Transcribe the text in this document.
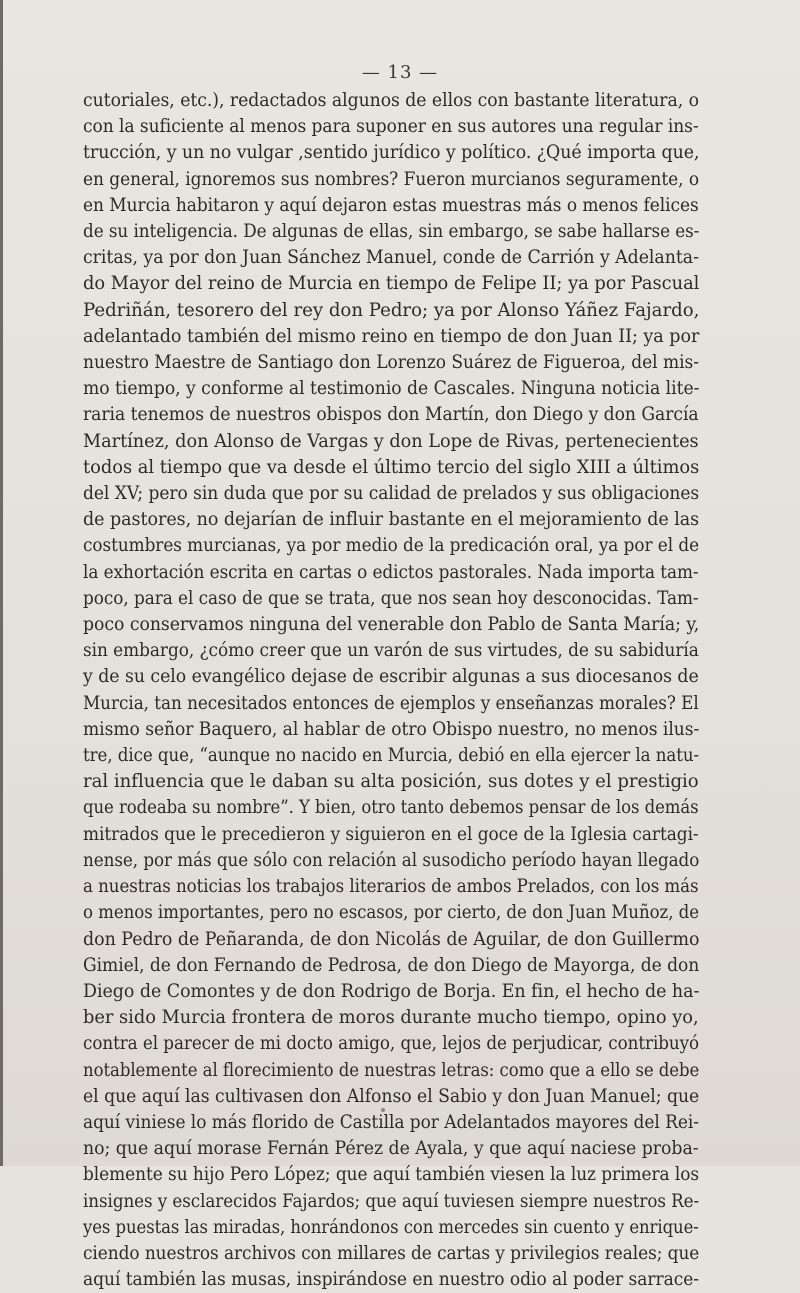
— 13 —
cutoriales, etc.), redactados algunos de ellos con bastante literatura, o
con la suficiente al menos para suponer en sus autores una regular ins-
trucción, y un no vulgar ,sentido jurídico y político. ¿Qué importa que,
en general, ignoremos sus nombres? Fueron murcianos seguramente, o
en Murcia habitaron y aquí dejaron estas muestras más o menos felices
de su inteligencia. De algunas de ellas, sin embargo, se sabe hallarse es-
critas, ya por don Juan Sánchez Manuel, conde de Carrión y Adelanta-
do Mayor del reino de Murcia en tiempo de Felipe II; ya por Pascual
Pedriñán, tesorero del rey don Pedro; ya por Alonso Yáñez Fajardo,
adelantado también del mismo reino en tiempo de don Juan II; ya por
nuestro Maestre de Santiago don Lorenzo Suárez de Figueroa, del mis-
mo tiempo, y conforme al testimonio de Cascales. Ninguna noticia lite-
raria tenemos de nuestros obispos don Martín, don Diego y don García
Martínez, don Alonso de Vargas y don Lope de Rivas, pertenecientes
todos al tiempo que va desde el último tercio del siglo XIII a últimos
del XV; pero sin duda que por su calidad de prelados y sus obligaciones
de pastores, no dejarían de influir bastante en el mejoramiento de las
costumbres murcianas, ya por medio de la predicación oral, ya por el de
la exhortación escrita en cartas o edictos pastorales. Nada importa tam-
poco, para el caso de que se trata, que nos sean hoy desconocidas. Tam-
poco conservamos ninguna del venerable don Pablo de Santa María; y,
sin embargo, ¿cómo creer que un varón de sus virtudes, de su sabiduría
y de su celo evangélico dejase de escribir algunas a sus diocesanos de
Murcia, tan necesitados entonces de ejemplos y enseñanzas morales? El
mismo señor Baquero, al hablar de otro Obispo nuestro, no menos ilus-
tre, dice que, “aunque no nacido en Murcia, debió en ella ejercer la natu-
ral influencia que le daban su alta posición, sus dotes y el prestigio
que rodeaba su nombre”. Y bien, otro tanto debemos pensar de los demás
mitrados que le precedieron y siguieron en el goce de la Iglesia cartagi-
nense, por más que sólo con relación al susodicho período hayan llegado
a nuestras noticias los trabajos literarios de ambos Prelados, con los más
o menos importantes, pero no escasos, por cierto, de don Juan Muñoz, de
don Pedro de Peñaranda, de don Nicolás de Aguilar, de don Guillermo
Gimiel, de don Fernando de Pedrosa, de don Diego de Mayorga, de don
Diego de Comontes y de don Rodrigo de Borja. En fin, el hecho de ha-
ber sido Murcia frontera de moros durante mucho tiempo, opino yo,
contra el parecer de mi docto amigo, que, lejos de perjudicar, contribuyó
notablemente al florecimiento de nuestras letras: como que a ello se debe
el que aquí las cultivasen don Alfonso el Sabio y don Juan Manuel; que
aquí viniese lo más florido de Castilla por Adelantados mayores del Rei-
no; que aquí morase Fernán Pérez de Ayala, y que aquí naciese proba-
blemente su hijo Pero López; que aquí también viesen la luz primera los
insignes y esclarecidos Fajardos; que aquí tuviesen siempre nuestros Re-
yes puestas las miradas, honrándonos con mercedes sin cuento y enrique-
ciendo nuestros archivos con millares de cartas y privilegios reales; que
aquí también las musas, inspirándose en nuestro odio al poder sarrace-
